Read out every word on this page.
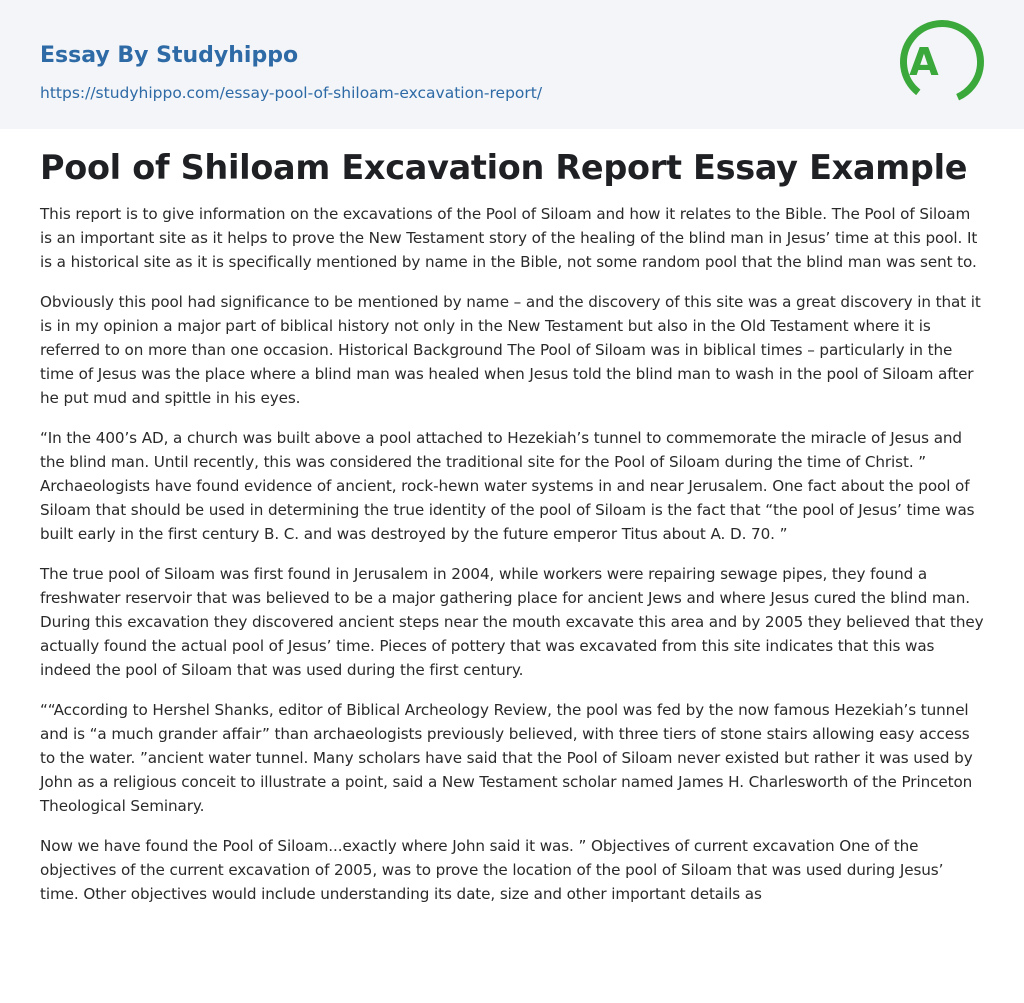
Essay By Studyhippo
https://studyhippo.com/essay-pool-of-shiloam-excavation-report/
A
Pool of Shiloam Excavation Report Essay Example

This report is to give information on the excavations of the Pool of Siloam and how it relates to the Bible. The Pool of Siloam is an important site as it helps to prove the New Testament story of the healing of the blind man in Jesus’ time at this pool. It is a historical site as it is specifically mentioned by name in the Bible, not some random pool that the blind man was sent to.

Obviously this pool had significance to be mentioned by name – and the discovery of this site was a great discovery in that it is in my opinion a major part of biblical history not only in the New Testament but also in the Old Testament where it is referred to on more than one occasion. Historical Background The Pool of Siloam was in biblical times – particularly in the time of Jesus was the place where a blind man was healed when Jesus told the blind man to wash in the pool of Siloam after he put mud and spittle in his eyes.

“In the 400’s AD, a church was built above a pool attached to Hezekiah’s tunnel to commemorate the miracle of Jesus and the blind man. Until recently, this was considered the traditional site for the Pool of Siloam during the time of Christ. ” Archaeologists have found evidence of ancient, rock-hewn water systems in and near Jerusalem. One fact about the pool of Siloam that should be used in determining the true identity of the pool of Siloam is the fact that “the pool of Jesus’ time was built early in the first century B. C. and was destroyed by the future emperor Titus about A. D. 70. ”

The true pool of Siloam was first found in Jerusalem in 2004, while workers were repairing sewage pipes, they found a freshwater reservoir that was believed to be a major gathering place for ancient Jews and where Jesus cured the blind man. During this excavation they discovered ancient steps near the mouth excavate this area and by 2005 they believed that they actually found the actual pool of Jesus’ time. Pieces of pottery that was excavated from this site indicates that this was indeed the pool of Siloam that was used during the first century.

““According to Hershel Shanks, editor of Biblical Archeology Review, the pool was fed by the now famous Hezekiah’s tunnel and is “a much grander affair” than archaeologists previously believed, with three tiers of stone stairs allowing easy access to the water. ”ancient water tunnel. Many scholars have said that the Pool of Siloam never existed but rather it was used by John as a religious conceit to illustrate a point, said a New Testament scholar named James H. Charlesworth of the Princeton Theological Seminary.

Now we have found the Pool of Siloam...exactly where John said it was. ” Objectives of current excavation One of the objectives of the current excavation of 2005, was to prove the location of the pool of Siloam that was used during Jesus’ time. Other objectives would include understanding its date, size and other important details as
